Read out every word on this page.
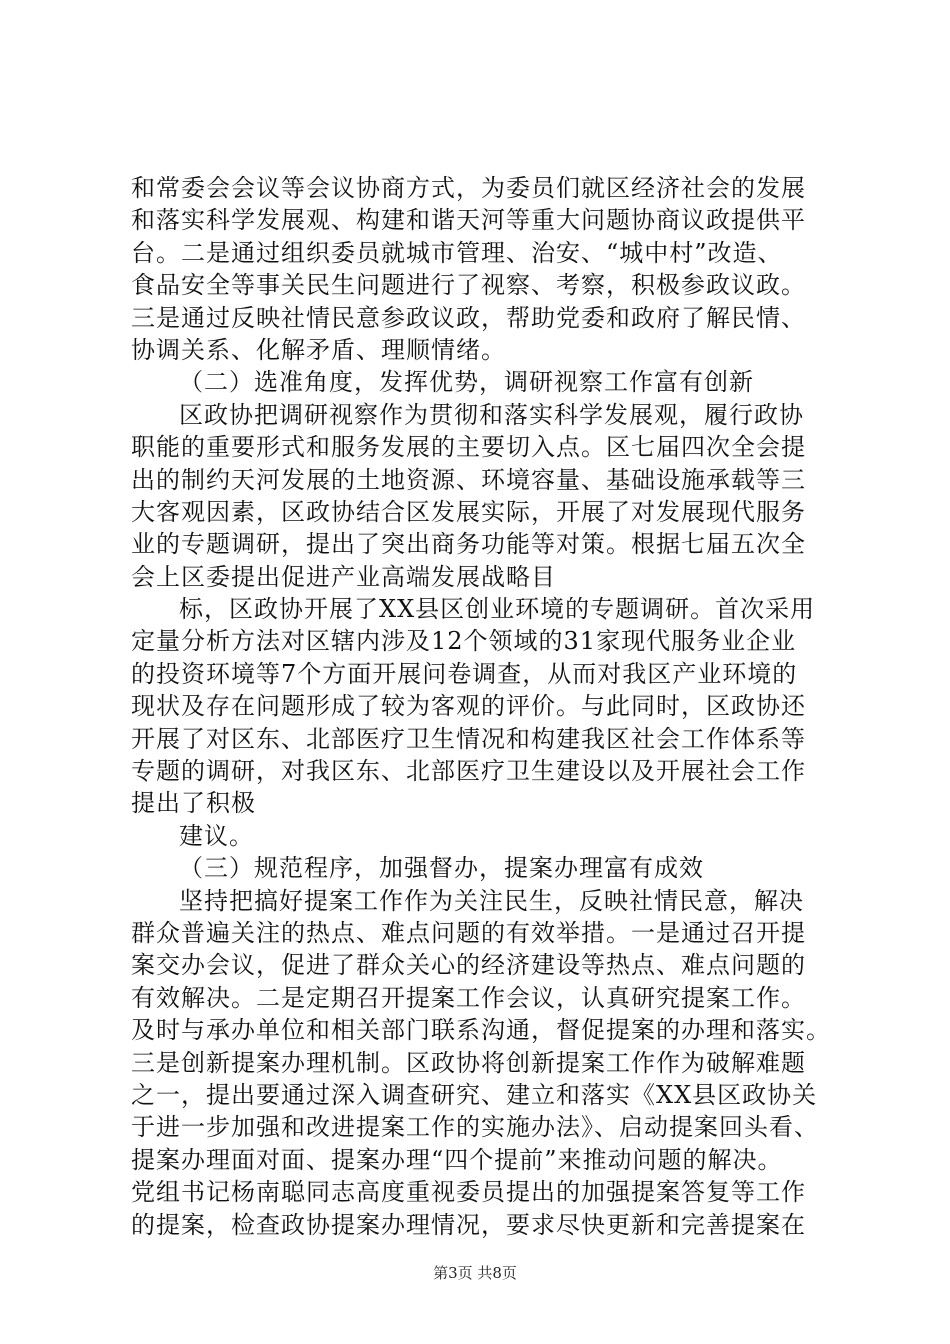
和常委会会议等会议协商方式，为委员们就区经济社会的发展
和落实科学发展观、构建和谐天河等重大问题协商议政提供平
台。二是通过组织委员就城市管理、治安、“城中村”改造、
食品安全等事关民生问题进行了视察、考察，积极参政议政。
三是通过反映社情民意参政议政，帮助党委和政府了解民情、
协调关系、化解矛盾、理顺情绪。
（二）选准角度，发挥优势，调研视察工作富有创新
区政协把调研视察作为贯彻和落实科学发展观，履行政协
职能的重要形式和服务发展的主要切入点。区七届四次全会提
出的制约天河发展的土地资源、环境容量、基础设施承载等三
大客观因素，区政协结合区发展实际，开展了对发展现代服务
业的专题调研，提出了突出商务功能等对策。根据七届五次全
会上区委提出促进产业高端发展战略目
标，区政协开展了XX县区创业环境的专题调研。首次采用
定量分析方法对区辖内涉及12个领域的31家现代服务业企业
的投资环境等7个方面开展问卷调查，从而对我区产业环境的
现状及存在问题形成了较为客观的评价。与此同时，区政协还
开展了对区东、北部医疗卫生情况和构建我区社会工作体系等
专题的调研，对我区东、北部医疗卫生建设以及开展社会工作
提出了积极
建议。
（三）规范程序，加强督办，提案办理富有成效
坚持把搞好提案工作作为关注民生，反映社情民意，解决
群众普遍关注的热点、难点问题的有效举措。一是通过召开提
案交办会议，促进了群众关心的经济建设等热点、难点问题的
有效解决。二是定期召开提案工作会议，认真研究提案工作。
及时与承办单位和相关部门联系沟通，督促提案的办理和落实。
三是创新提案办理机制。区政协将创新提案工作作为破解难题
之一，提出要通过深入调查研究、建立和落实《XX县区政协关
于进一步加强和改进提案工作的实施办法》、启动提案回头看、
提案办理面对面、提案办理“四个提前”来推动问题的解决。
党组书记杨南聪同志高度重视委员提出的加强提案答复等工作
的提案，检查政协提案办理情况，要求尽快更新和完善提案在
第3页 共8页
